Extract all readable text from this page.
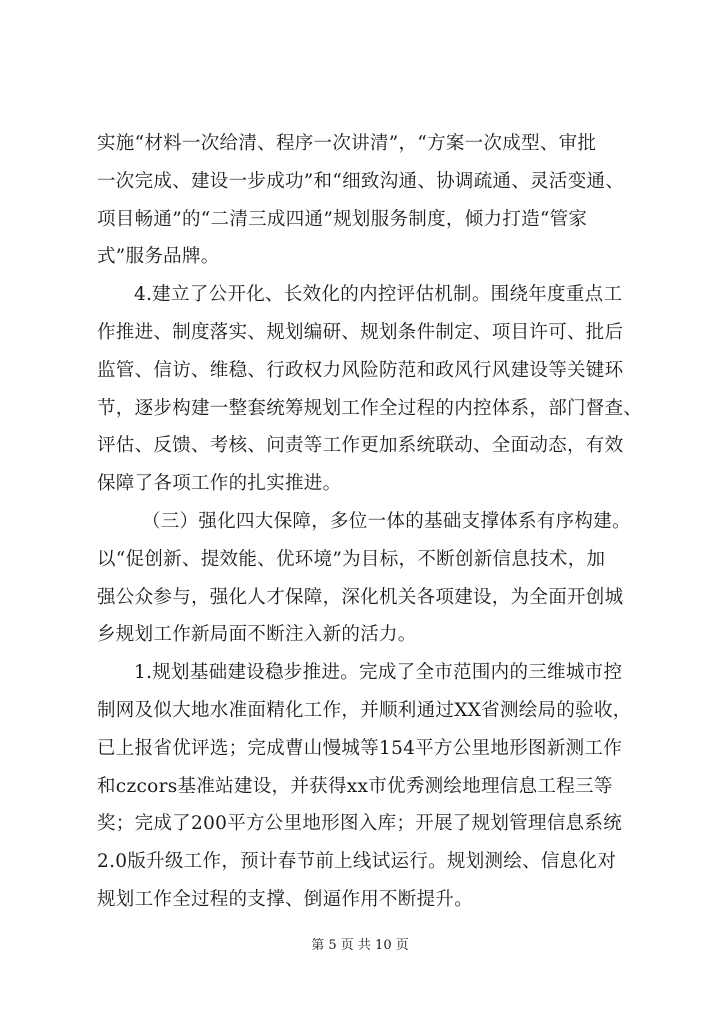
实施“材料一次给清、程序一次讲清”，“方案一次成型、审批
一次完成、建设一步成功”和“细致沟通、协调疏通、灵活变通、
项目畅通”的“二清三成四通”规划服务制度，倾力打造“管家
式”服务品牌。
4.建立了公开化、长效化的内控评估机制。围绕年度重点工
作推进、制度落实、规划编研、规划条件制定、项目许可、批后
监管、信访、维稳、行政权力风险防范和政风行风建设等关键环
节，逐步构建一整套统筹规划工作全过程的内控体系，部门督查、
评估、反馈、考核、问责等工作更加系统联动、全面动态，有效
保障了各项工作的扎实推进。
（三）强化四大保障，多位一体的基础支撑体系有序构建。
以“促创新、提效能、优环境”为目标，不断创新信息技术，加
强公众参与，强化人才保障，深化机关各项建设，为全面开创城
乡规划工作新局面不断注入新的活力。
1.规划基础建设稳步推进。完成了全市范围内的三维城市控
制网及似大地水准面精化工作，并顺利通过XX省测绘局的验收，
已上报省优评选；完成曹山慢城等154平方公里地形图新测工作
和czcors基准站建设，并获得xx市优秀测绘地理信息工程三等
奖；完成了200平方公里地形图入库；开展了规划管理信息系统
2.0版升级工作，预计春节前上线试运行。规划测绘、信息化对
规划工作全过程的支撑、倒逼作用不断提升。
第 5 页 共 10 页
